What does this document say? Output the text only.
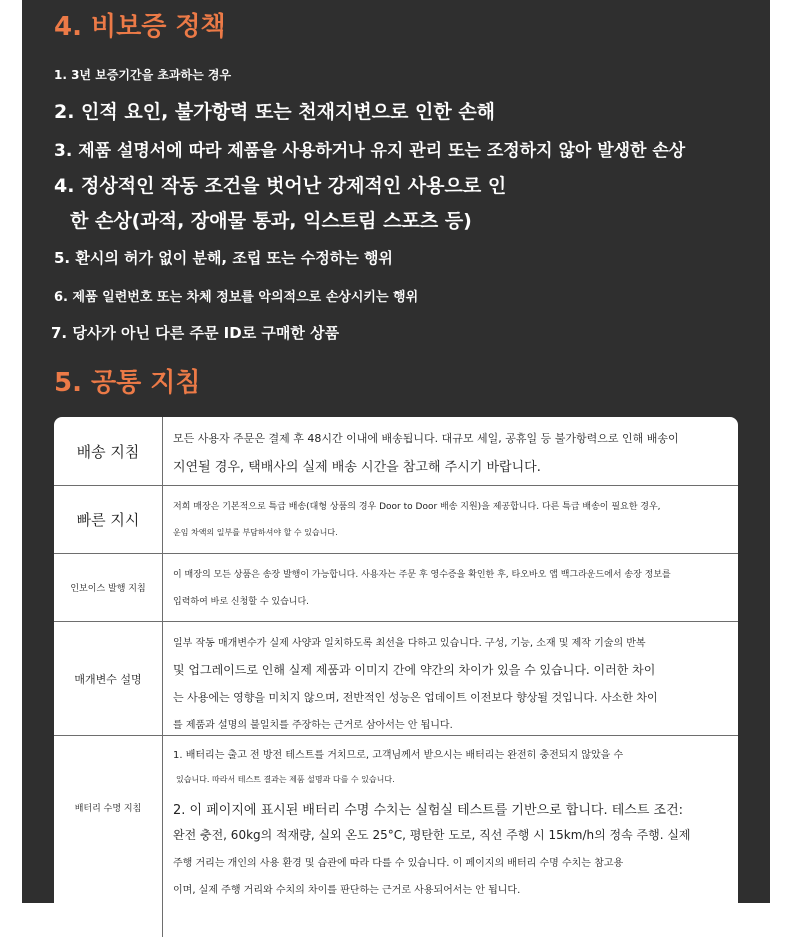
4. 비보증 정책

1. 3년 보증기간을 초과하는 경우

2. 인적 요인, 불가항력 또는 천재지변으로 인한 손해

3. 제품 설명서에 따라 제품을 사용하거나 유지 관리 또는 조정하지 않아 발생한 손상

4. 정상적인 작동 조건을 벗어난 강제적인 사용으로 인

한 손상(과적, 장애물 통과, 익스트림 스포츠 등)

5. 환시의 허가 없이 분해, 조립 또는 수정하는 행위

6. 제품 일련번호 또는 차체 정보를 악의적으로 손상시키는 행위

7. 당사가 아닌 다른 주문 ID로 구매한 상품

5. 공통 지침
배송 지침

모든 사용자 주문은 결제 후 48시간 이내에 배송됩니다. 대규모 세일, 공휴일 등 불가항력으로 인해 배송이

지연될 경우, 택배사의 실제 배송 시간을 참고해 주시기 바랍니다.

빠른 지시

저희 매장은 기본적으로 특급 배송(대형 상품의 경우 Door to Door 배송 지원)을 제공합니다. 다른 특급 배송이 필요한 경우,

운임 차액의 일부를 부담하셔야 할 수 있습니다.

인보이스 발행 지침

이 매장의 모든 상품은 송장 발행이 가능합니다. 사용자는 주문 후 영수증을 확인한 후, 타오바오 앱 백그라운드에서 송장 정보를

입력하여 바로 신청할 수 있습니다.

매개변수 설명

일부 작동 매개변수가 실제 사양과 일치하도록 최선을 다하고 있습니다. 구성, 기능, 소재 및 제작 기술의 반복

및 업그레이드로 인해 실제 제품과 이미지 간에 약간의 차이가 있을 수 있습니다. 이러한 차이

는 사용에는 영향을 미치지 않으며, 전반적인 성능은 업데이트 이전보다 향상될 것입니다. 사소한 차이

를 제품과 설명의 불일치를 주장하는 근거로 삼아서는 안 됩니다.

배터리 수명 지침

1. 배터리는 출고 전 방전 테스트를 거치므로, 고객님께서 받으시는 배터리는 완전히 충전되지 않았을 수

있습니다. 따라서 테스트 결과는 제품 설명과 다를 수 있습니다.

2. 이 페이지에 표시된 배터리 수명 수치는 실험실 테스트를 기반으로 합니다. 테스트 조건:

완전 충전, 60kg의 적재량, 실외 온도 25°C, 평탄한 도로, 직선 주행 시 15km/h의 정속 주행. 실제

주행 거리는 개인의 사용 환경 및 습관에 따라 다를 수 있습니다. 이 페이지의 배터리 수명 수치는 참고용

이며, 실제 주행 거리와 수치의 차이를 판단하는 근거로 사용되어서는 안 됩니다.
